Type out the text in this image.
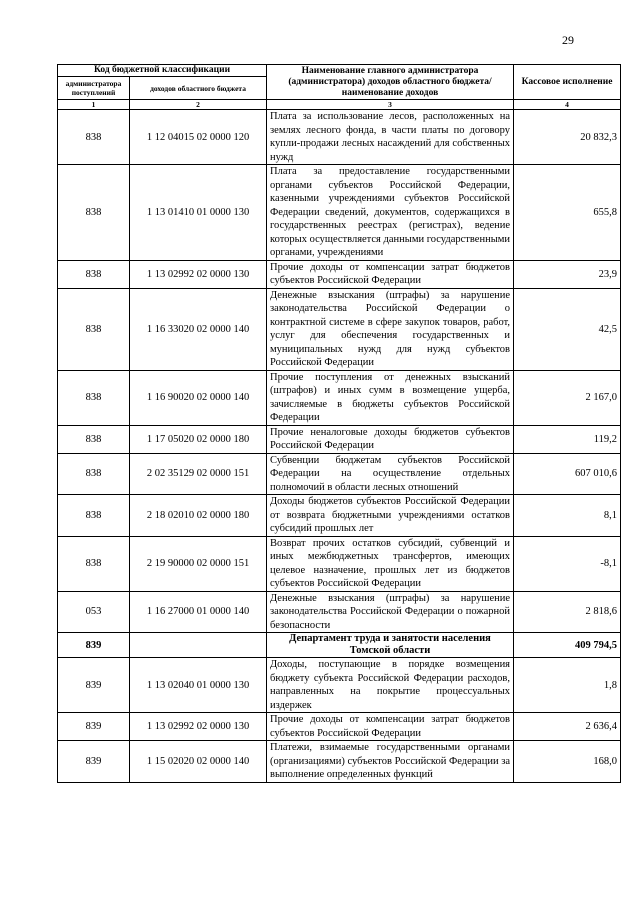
29
Код бюджетной классификации		Наименование главного администратора (администратора) доходов областного бюджета/ наименование доходов	Кассовое исполнение
администратора поступлений	доходов областного бюджета		
1	2	3	4
838	1 12 04015 02 0000 120	Плата за использование лесов, расположенных на землях лесного фонда, в части платы по договору купли-продажи лесных насаждений для собственных нужд	20 832,3
838	1 13 01410 01 0000 130	Плата за предоставление государственными органами субъектов Российской Федерации, казенными учреждениями субъектов Российской Федерации сведений, документов, содержащихся в государственных реестрах (регистрах), ведение которых осуществляется данными государственными органами, учреждениями	655,8
838	1 13 02992 02 0000 130	Прочие доходы от компенсации затрат бюджетов субъектов Российской Федерации	23,9
838	1 16 33020 02 0000 140	Денежные взыскания (штрафы) за нарушение законодательства Российской Федерации о контрактной системе в сфере закупок товаров, работ, услуг для обеспечения государственных и муниципальных нужд для нужд субъектов Российской Федерации	42,5
838	1 16 90020 02 0000 140	Прочие поступления от денежных взысканий (штрафов) и иных сумм в возмещение ущерба, зачисляемые в бюджеты субъектов Российской Федерации	2 167,0
838	1 17 05020 02 0000 180	Прочие неналоговые доходы бюджетов субъектов Российской Федерации	119,2
838	2 02 35129 02 0000 151	Субвенции бюджетам субъектов Российской Федерации на осуществление отдельных полномочий в области лесных отношений	607 010,6
838	2 18 02010 02 0000 180	Доходы бюджетов субъектов Российской Федерации от возврата бюджетными учреждениями остатков субсидий прошлых лет	8,1
838	2 19 90000 02 0000 151	Возврат прочих остатков субсидий, субвенций и иных межбюджетных трансфертов, имеющих целевое назначение, прошлых лет из бюджетов субъектов Российской Федерации	-8,1
053	1 16 27000 01 0000 140	Денежные взыскания (штрафы) за нарушение законодательства Российской Федерации о пожарной безопасности	2 818,6
839		Департамент труда и занятости населения Томской области	409 794,5
839	1 13 02040 01 0000 130	Доходы, поступающие в порядке возмещения бюджету субъекта Российской Федерации расходов, направленных на покрытие процессуальных издержек	1,8
839	1 13 02992 02 0000 130	Прочие доходы от компенсации затрат бюджетов субъектов Российской Федерации	2 636,4
839	1 15 02020 02 0000 140	Платежи, взимаемые государственными органами (организациями) субъектов Российской Федерации за выполнение определенных функций	168,0
